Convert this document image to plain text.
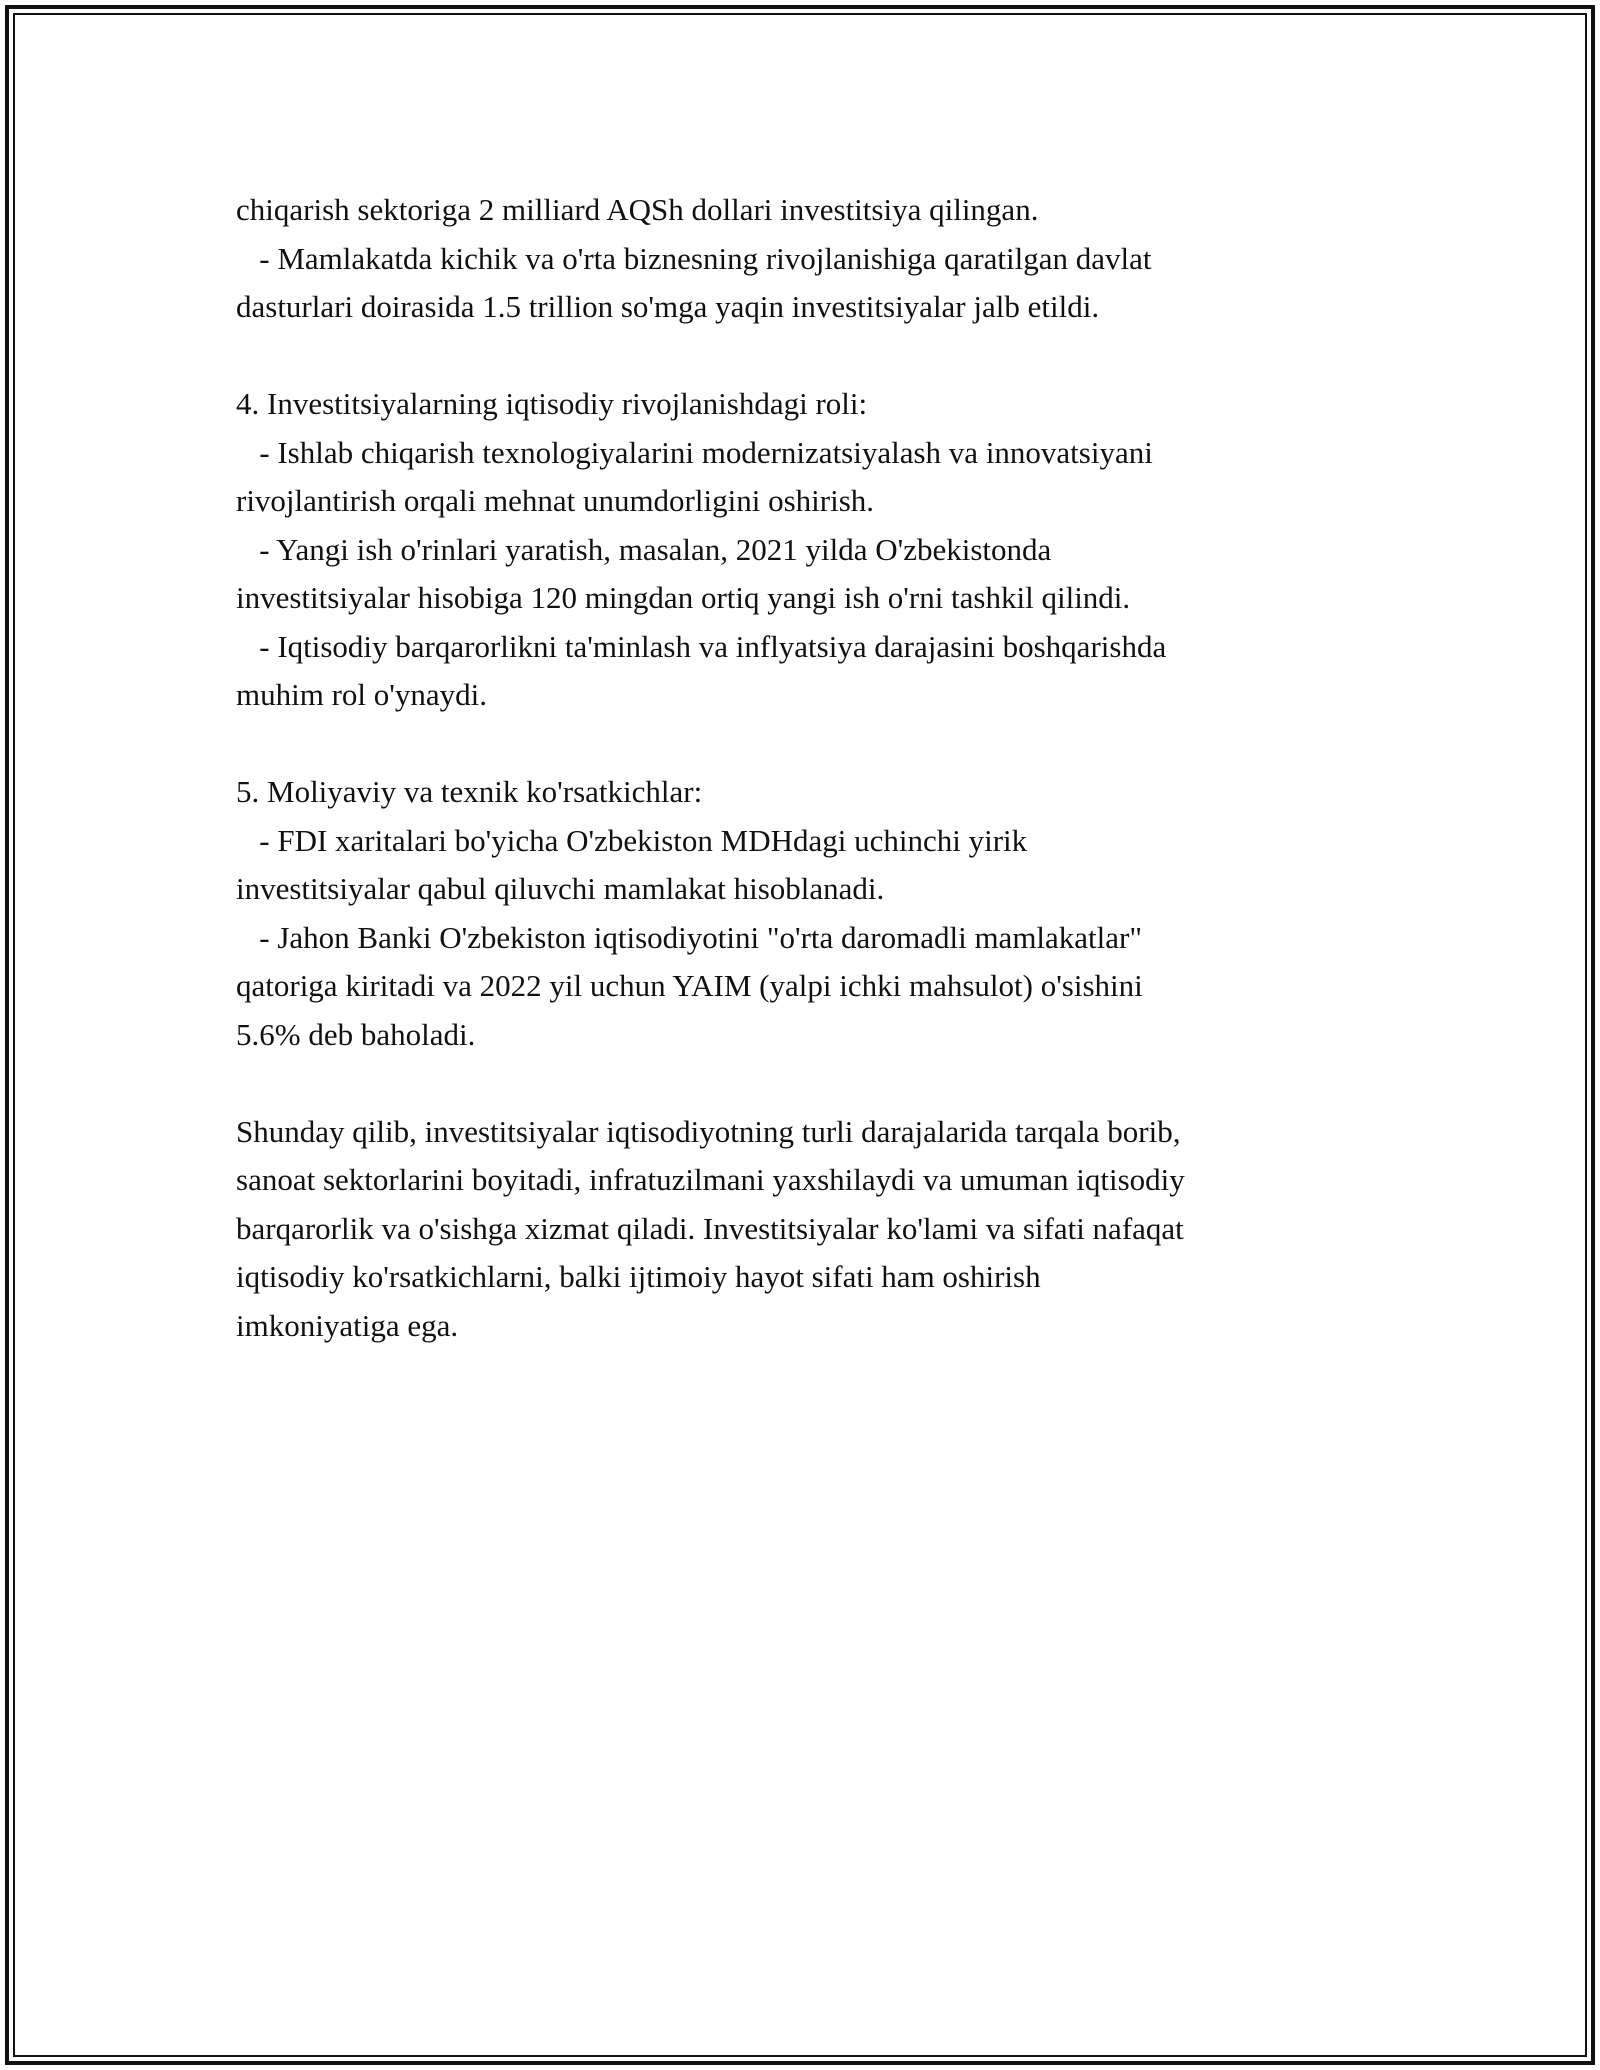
chiqarish sektoriga 2 milliard AQSh dollari investitsiya qilingan.
- Mamlakatda kichik va o'rta biznesning rivojlanishiga qaratilgan davlat
dasturlari doirasida 1.5 trillion so'mga yaqin investitsiyalar jalb etildi.
4. Investitsiyalarning iqtisodiy rivojlanishdagi roli:
- Ishlab chiqarish texnologiyalarini modernizatsiyalash va innovatsiyani
rivojlantirish orqali mehnat unumdorligini oshirish.
- Yangi ish o'rinlari yaratish, masalan, 2021 yilda O'zbekistonda
investitsiyalar hisobiga 120 mingdan ortiq yangi ish o'rni tashkil qilindi.
- Iqtisodiy barqarorlikni ta'minlash va inflyatsiya darajasini boshqarishda
muhim rol o'ynaydi.
5. Moliyaviy va texnik ko'rsatkichlar:
- FDI xaritalari bo'yicha O'zbekiston MDHdagi uchinchi yirik
investitsiyalar qabul qiluvchi mamlakat hisoblanadi.
- Jahon Banki O'zbekiston iqtisodiyotini "o'rta daromadli mamlakatlar"
qatoriga kiritadi va 2022 yil uchun YAIM (yalpi ichki mahsulot) o'sishini
5.6% deb baholadi.
Shunday qilib, investitsiyalar iqtisodiyotning turli darajalarida tarqala borib,
sanoat sektorlarini boyitadi, infratuzilmani yaxshilaydi va umuman iqtisodiy
barqarorlik va o'sishga xizmat qiladi. Investitsiyalar ko'lami va sifati nafaqat
iqtisodiy ko'rsatkichlarni, balki ijtimoiy hayot sifati ham oshirish
imkoniyatiga ega.
